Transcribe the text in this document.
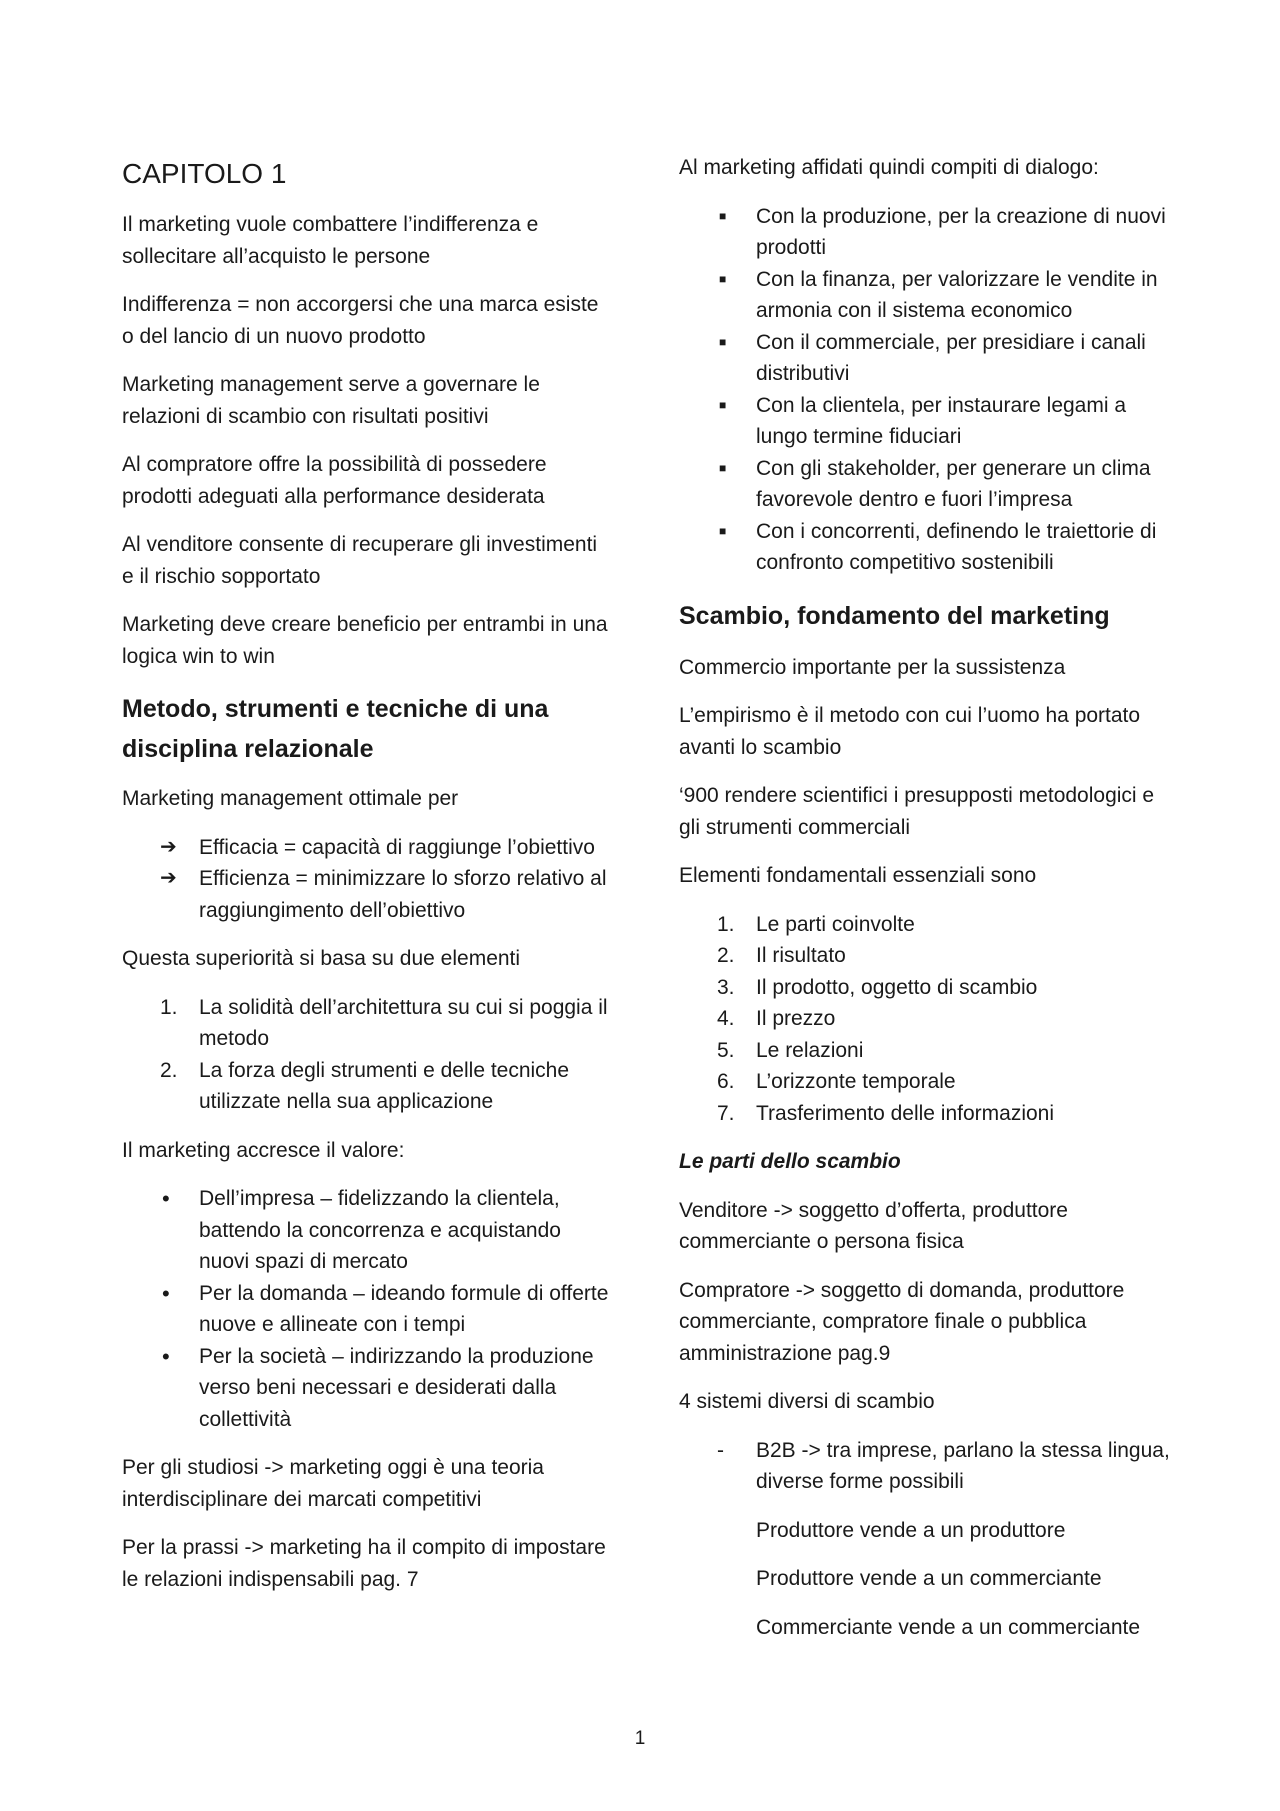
CAPITOLO 1

Il marketing vuole combattere l’indifferenza e sollecitare all’acquisto le persone

Indifferenza = non accorgersi che una marca esiste o del lancio di un nuovo prodotto

Marketing management serve a governare le relazioni di scambio con risultati positivi

Al compratore offre la possibilità di possedere prodotti adeguati alla performance desiderata

Al venditore consente di recuperare gli investimenti e il rischio sopportato

Marketing deve creare beneficio per entrambi in una logica win to win

Metodo, strumenti e tecniche di una disciplina relazionale

Marketing management ottimale per

➔	Efficacia = capacità di raggiunge l’obiettivo
➔	Efficienza = minimizzare lo sforzo relativo al raggiungimento dell’obiettivo

Questa superiorità si basa su due elementi

1.	La solidità dell’architettura su cui si poggia il metodo
2.	La forza degli strumenti e delle tecniche utilizzate nella sua applicazione

Il marketing accresce il valore:

•	Dell’impresa – fidelizzando la clientela, battendo la concorrenza e acquistando nuovi spazi di mercato
•	Per la domanda – ideando formule di offerte nuove e allineate con i tempi
•	Per la società – indirizzando la produzione verso beni necessari e desiderati dalla collettività

Per gli studiosi -> marketing oggi è una teoria interdisciplinare dei marcati competitivi

Per la prassi -> marketing ha il compito di impostare le relazioni indispensabili pag. 7

Al marketing affidati quindi compiti di dialogo:

■	Con la produzione, per la creazione di nuovi prodotti
■	Con la finanza, per valorizzare le vendite in armonia con il sistema economico
■	Con il commerciale, per presidiare i canali distributivi
■	Con la clientela, per instaurare legami a lungo termine fiduciari
■	Con gli stakeholder, per generare un clima favorevole dentro e fuori l’impresa
■	Con i concorrenti, definendo le traiettorie di confronto competitivo sostenibili
Scambio, fondamento del marketing

Commercio importante per la sussistenza

L’empirismo è il metodo con cui l’uomo ha portato avanti lo scambio

‘900 rendere scientifici i presupposti metodologici e gli strumenti commerciali

Elementi fondamentali essenziali sono

1.	Le parti coinvolte
2.	Il risultato
3.	Il prodotto, oggetto di scambio
4.	Il prezzo
5.	Le relazioni
6.	L’orizzonte temporale
7.	Trasferimento delle informazioni

Le parti dello scambio

Venditore -> soggetto d’offerta, produttore commerciante o persona fisica

Compratore -> soggetto di domanda, produttore commerciante, compratore finale o pubblica amministrazione pag.9

4 sistemi diversi di scambio

-	B2B -> tra imprese, parlano la stessa lingua, diverse forme possibili

Produttore vende a un produttore

Produttore vende a un commerciante

Commerciante vende a un commerciante

1
